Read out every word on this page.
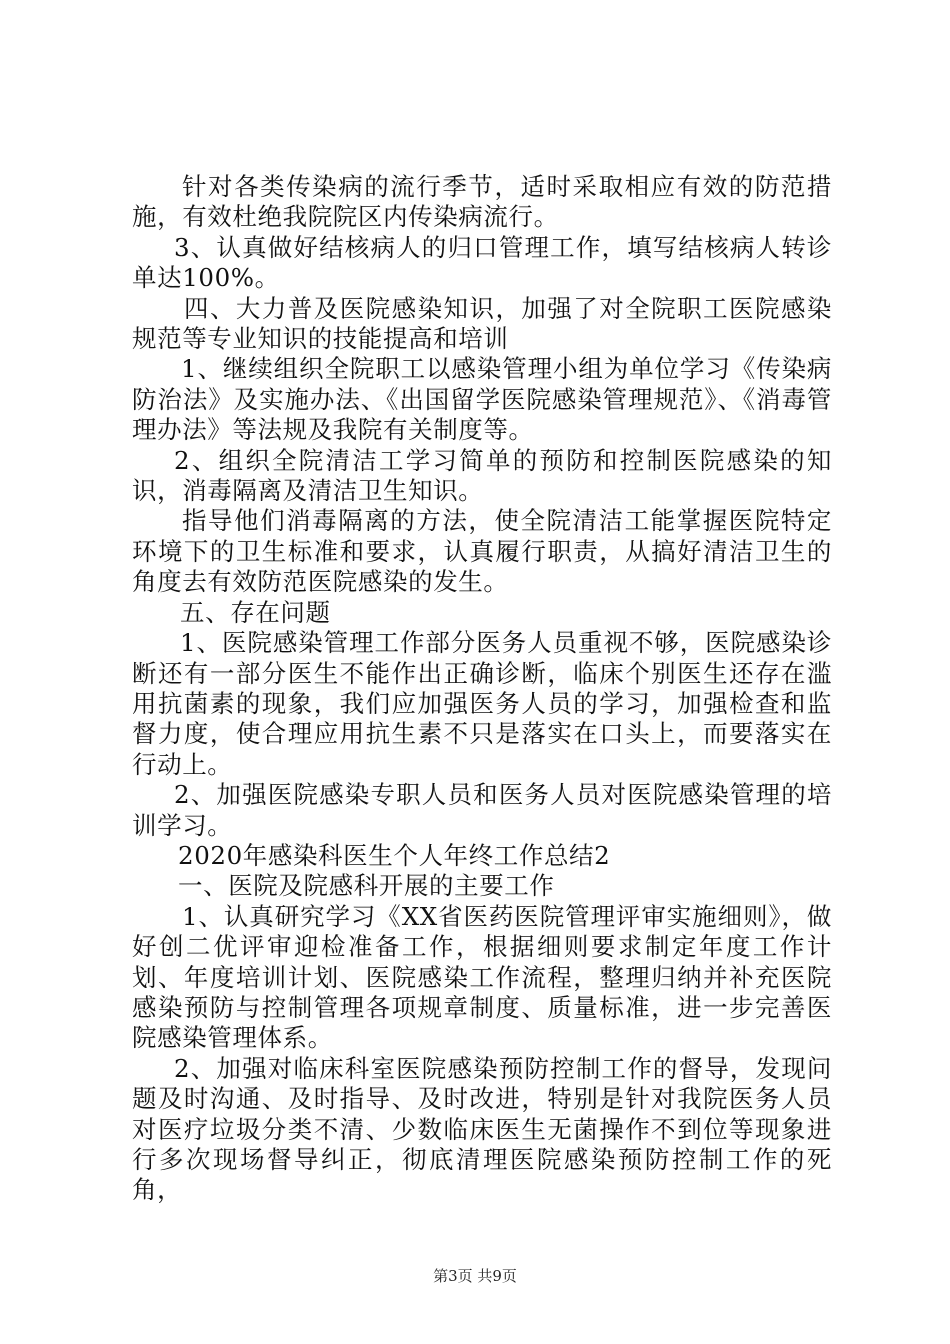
针对各类传染病的流行季节，适时采取相应有效的防范措施，有效杜绝我院院区内传染病流行。

3、认真做好结核病人的归口管理工作，填写结核病人转诊单达100%。

四、大力普及医院感染知识，加强了对全院职工医院感染规范等专业知识的技能提高和培训

1、继续组织全院职工以感染管理小组为单位学习《传染病防治法》及实施办法、《出国留学医院感染管理规范》、《消毒管理办法》等法规及我院有关制度等。

2、组织全院清洁工学习简单的预防和控制医院感染的知识，消毒隔离及清洁卫生知识。

指导他们消毒隔离的方法，使全院清洁工能掌握医院特定环境下的卫生标准和要求，认真履行职责，从搞好清洁卫生的角度去有效防范医院感染的发生。

五、存在问题

1、医院感染管理工作部分医务人员重视不够，医院感染诊断还有一部分医生不能作出正确诊断，临床个别医生还存在滥用抗菌素的现象，我们应加强医务人员的学习，加强检查和监督力度，使合理应用抗生素不只是落实在口头上，而要落实在行动上。

2、加强医院感染专职人员和医务人员对医院感染管理的培训学习。

2020年感染科医生个人年终工作总结2

一、医院及院感科开展的主要工作

1、认真研究学习《XX省医药医院管理评审实施细则》，做好创二优评审迎检准备工作，根据细则要求制定年度工作计划、年度培训计划、医院感染工作流程，整理归纳并补充医院感染预防与控制管理各项规章制度、质量标准，进一步完善医院感染管理体系。

2、加强对临床科室医院感染预防控制工作的督导，发现问题及时沟通、及时指导、及时改进，特别是针对我院医务人员对医疗垃圾分类不清、少数临床医生无菌操作不到位等现象进行多次现场督导纠正，彻底清理医院感染预防控制工作的死角，

第3页 共9页
